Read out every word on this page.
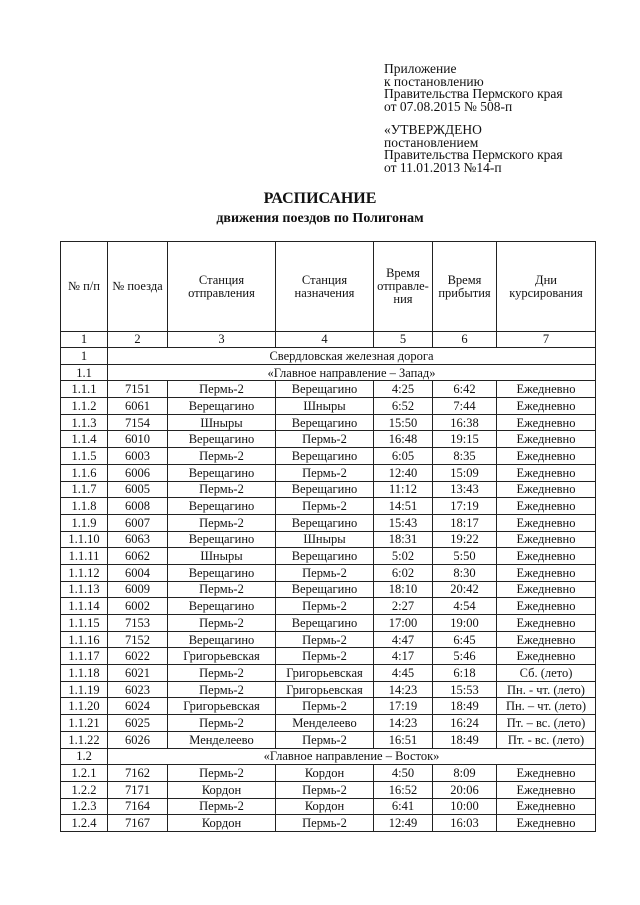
Приложение
к постановлению
Правительства Пермского края
от 07.08.2015 № 508-п
«УТВЕРЖДЕНО
постановлением
Правительства Пермского края
от 11.01.2013 №14-п
РАСПИСАНИЕ
движения поездов по Полигонам
№ п/п	№ поезда	Станция отправления	Станция назначения	Время отправле-ния	Время прибытия	Дни курсирования
1	2	3	4	5	6	7
1	Свердловская железная дорога					
1.1	«Главное направление – Запад»					
1.1.1	7151	Пермь-2	Верещагино	4:25	6:42	Ежедневно
1.1.2	6061	Верещагино	Шныры	6:52	7:44	Ежедневно
1.1.3	7154	Шныры	Верещагино	15:50	16:38	Ежедневно
1.1.4	6010	Верещагино	Пермь-2	16:48	19:15	Ежедневно
1.1.5	6003	Пермь-2	Верещагино	6:05	8:35	Ежедневно
1.1.6	6006	Верещагино	Пермь-2	12:40	15:09	Ежедневно
1.1.7	6005	Пермь-2	Верещагино	11:12	13:43	Ежедневно
1.1.8	6008	Верещагино	Пермь-2	14:51	17:19	Ежедневно
1.1.9	6007	Пермь-2	Верещагино	15:43	18:17	Ежедневно
1.1.10	6063	Верещагино	Шныры	18:31	19:22	Ежедневно
1.1.11	6062	Шныры	Верещагино	5:02	5:50	Ежедневно
1.1.12	6004	Верещагино	Пермь-2	6:02	8:30	Ежедневно
1.1.13	6009	Пермь-2	Верещагино	18:10	20:42	Ежедневно
1.1.14	6002	Верещагино	Пермь-2	2:27	4:54	Ежедневно
1.1.15	7153	Пермь-2	Верещагино	17:00	19:00	Ежедневно
1.1.16	7152	Верещагино	Пермь-2	4:47	6:45	Ежедневно
1.1.17	6022	Григорьевская	Пермь-2	4:17	5:46	Ежедневно
1.1.18	6021	Пермь-2	Григорьевская	4:45	6:18	Сб. (лето)
1.1.19	6023	Пермь-2	Григорьевская	14:23	15:53	Пн. - чт. (лето)
1.1.20	6024	Григорьевская	Пермь-2	17:19	18:49	Пн. – чт. (лето)
1.1.21	6025	Пермь-2	Менделеево	14:23	16:24	Пт. – вс. (лето)
1.1.22	6026	Менделеево	Пермь-2	16:51	18:49	Пт. - вс. (лето)
1.2	«Главное направление – Восток»					
1.2.1	7162	Пермь-2	Кордон	4:50	8:09	Ежедневно
1.2.2	7171	Кордон	Пермь-2	16:52	20:06	Ежедневно
1.2.3	7164	Пермь-2	Кордон	6:41	10:00	Ежедневно
1.2.4	7167	Кордон	Пермь-2	12:49	16:03	Ежедневно
